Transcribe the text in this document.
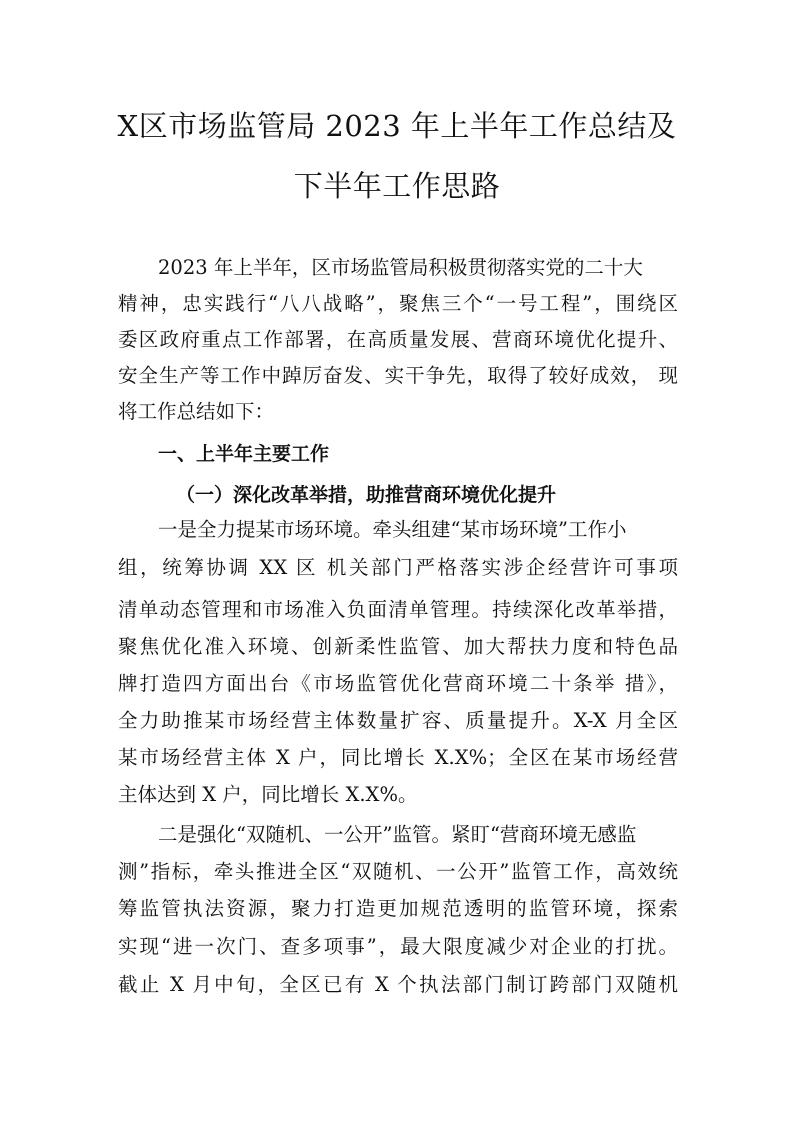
X区市场监管局 2023 年上半年工作总结及
下半年工作思路
2023 年上半年，区市场监管局积极贯彻落实党的二十大
精神，忠实践行“八八战略”，聚焦三个“一号工程”，围绕区
委区政府重点工作部署，在高质量发展、营商环境优化提升、
安全生产等工作中踔厉奋发、实干争先，取得了较好成效， 现
将工作总结如下：
一、上半年主要工作
（一）深化改革举措，助推营商环境优化提升
一是全力提某市场环境。牵头组建“某市场环境”工作小
组，统筹协调 XX 区 机关部门严格落实涉企经营许可事项
清单动态管理和市场准入负面清单管理。持续深化改革举措，
聚焦优化准入环境、创新柔性监管、加大帮扶力度和特色品
牌打造四方面出台《市场监管优化营商环境二十条举 措》，
全力助推某市场经营主体数量扩容、质量提升。X-X 月全区
某市场经营主体 X 户，同比增长 X.X%；全区在某市场经营
主体达到 X 户，同比增长 X.X%。
二是强化“双随机、一公开”监管。紧盯“营商环境无感监
测”指标，牵头推进全区“双随机、一公开”监管工作，高效统
筹监管执法资源，聚力打造更加规范透明的监管环境，探索
实现“进一次门、查多项事”，最大限度减少对企业的打扰。
截止 X 月中旬，全区已有 X 个执法部门制订跨部门双随机
